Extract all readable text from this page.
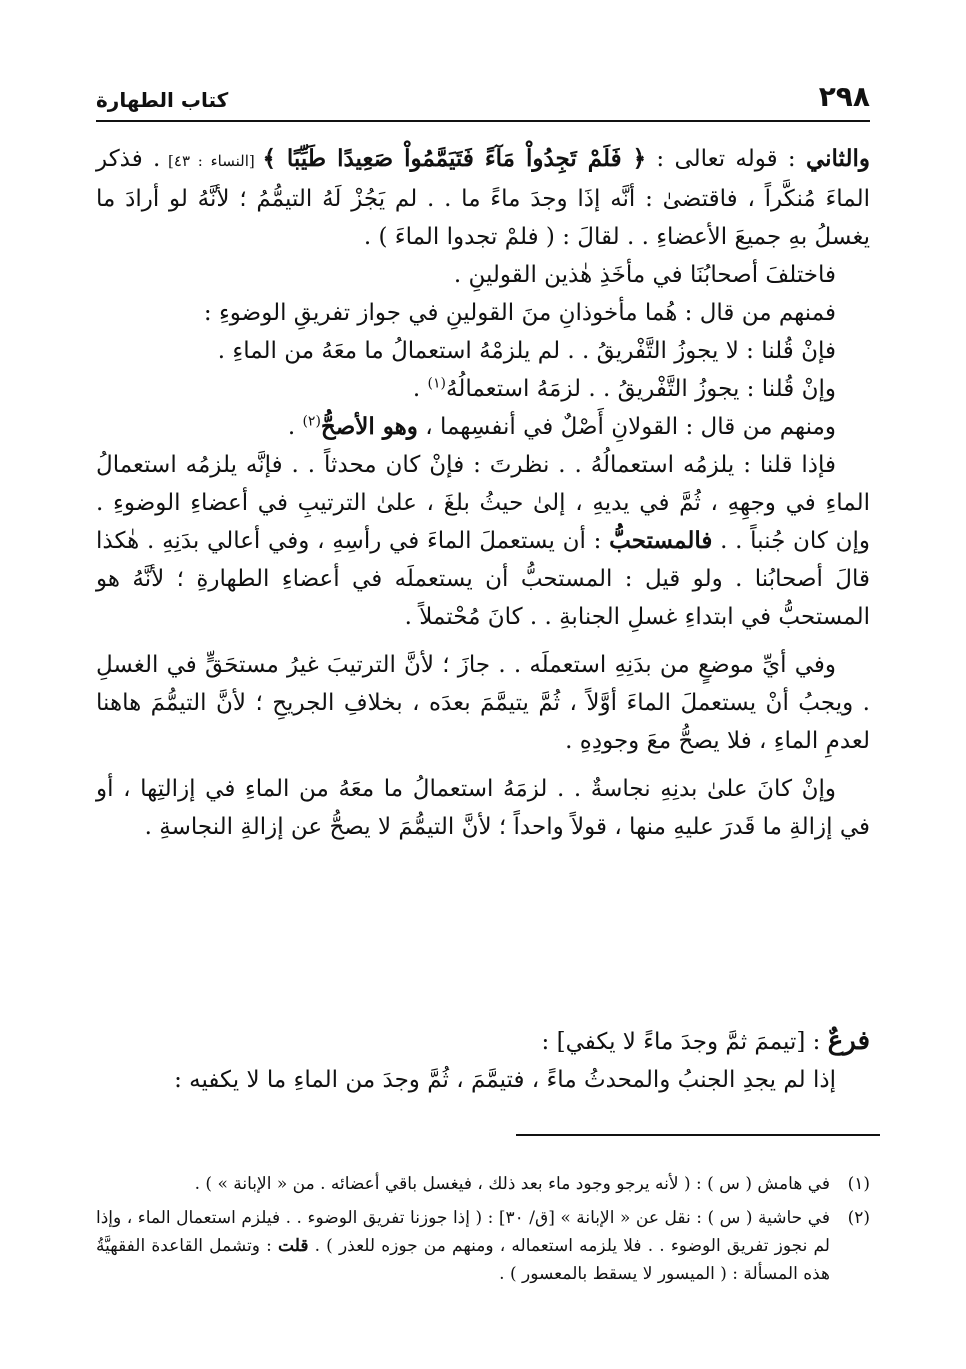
٢٩٨
كتاب الطهارة

والثاني : قوله تعالى : ﴿ فَلَمْ تَجِدُواْ مَآءً فَتَيَمَّمُواْ صَعِيدًا طَيِّبًا ﴾ [النساء : ٤٣] . فذكر الماءَ مُنكَّراً ، فاقتضىٰ : أنَّه إذَا وجدَ ماءً ما . . لم يَجُزْ لَهُ التيمُّمُ ؛ لأنَّهُ لو أرادَ ما يغسلُ بهِ جميعَ الأعضاءِ . . لقالَ : ( فلمْ تجدوا الماءَ ) .

فاختلفَ أصحابُنَا في مأخَذِ هٰذين القولينِ .

فمنهم من قال : هُما مأخوذانِ منَ القولينِ في جواز تفريقِ الوضوءِ :

فإنْ قُلنا : لا يجوزُ التَّفْريقُ . . لم يلزمْهُ استعمالُ ما معَهُ من الماءِ .

وإنْ قُلنا : يجوزُ التَّفْريقُ . . لزمَهُ استعمالُهُ$^{(١)}$ .

ومنهم من قال : القولانِ أَصْلٌ في أنفسِهما ، وهو الأصحُّ$^{(٢)}$ .

فإذا قلنا : يلزمُه استعمالُهُ . . نظرتَ : فإنْ كان محدثاً . . فإنَّه يلزمُه استعمالُ الماءِ في وجهِهِ ، ثُمَّ في يديهِ ، إلىٰ حيثُ بلغَ ، علىٰ الترتيبِ في أعضاءِ الوضوءِ . وإن كان جُنباً . . فالمستحبُّ : أن يستعملَ الماءَ في رأسِهِ ، وفي أعالي بدَنِهِ . هٰكذا قالَ أصحابُنا . ولو قيل : المستحبُّ أن يستعملَه في أعضاءِ الطهارةِ ؛ لأنَّهُ هو المستحبُّ في ابتداءِ غسلِ الجنابةِ . . كانَ مُحْتملاً .

وفي أيِّ موضعٍ من بدَنِهِ استعملَه . . جازَ ؛ لأنَّ الترتيبَ غيرُ مستحَقٍّ في الغسلِ . ويجبُ أنْ يستعملَ الماءَ أوَّلاً ، ثُمَّ يتيمَّمَ بعدَه ، بخلافِ الجريحِ ؛ لأنَّ التيمُّمَ هاهنا لعدمِ الماءِ ، فلا يصحُّ معَ وجودِهِ .

وإنْ كانَ علىٰ بدنِهِ نجاسةٌ . . لزمَهُ استعمالُ ما معَهُ من الماءِ في إزالتِها ، أو في إزالةِ ما قَدرَ عليهِ منها ، قولاً واحداً ؛ لأنَّ التيمُّمَ لا يصحُّ عن إزالةِ النجاسةِ .

فرعٌ : [تيممَ ثمَّ وجدَ ماءً لا يكفي] :

إذا لم يجدِ الجنبُ والمحدثُ ماءً ، فتيمَّمَ ، ثُمَّ وجدَ من الماءِ ما لا يكفيه :

(١)
في هامش ( س ) : ( لأنه يرجو وجود ماء بعد ذلك ، فيغسل باقي أعضائه . من « الإبانة » ) .
(٢)
في حاشية ( س ) : نقل عن « الإبانة » [ق/ ٣٠] : ( إذا جوزنا تفريق الوضوء . . فيلزم استعمال الماء ، وإذا لم نجوز تفريق الوضوء . . فلا يلزمه استعماله ، ومنهم من جوزه للعذر ) . قلت : وتشمل القاعدة الفقهيَّةُ هذه المسألة : ( الميسور لا يسقط بالمعسور ) .
